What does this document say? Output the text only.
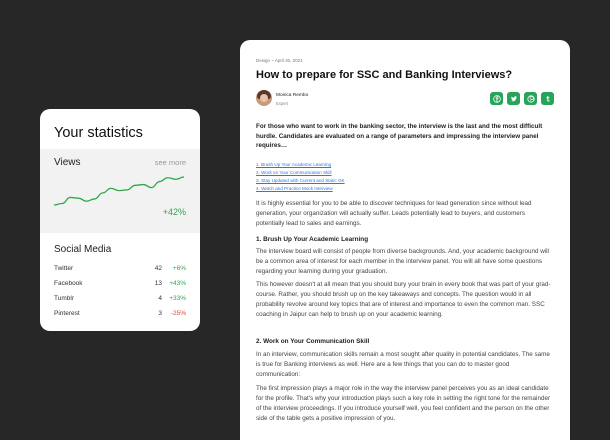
Your statistics
Views	see more
+42%
Social Media
Twitter	42	+6%
Facebook	13	+43%
Tumblr	4	+33%
Pinterest	3	-25%
Design ~ April 30, 2021
How to prepare for SSC and Banking Interviews?
Monica Rembo
Expert
For those who want to work in the banking sector, the interview is the last and the most difficult hurdle. Candidates are evaluated on a range of parameters and impressing the interview panel requires…
1. Brush Up Your Academic Learning
2. Work on Your Communication Skill
3. Stay Updated with Current and Static GK
4. Watch and Practice Mock Interview
It is highly essential for you to be able to discover techniques for lead generation since without lead generation, your organization will actually suffer. Leads potentially lead to buyers, and customers potentially lead to sales and earnings.
1. Brush Up Your Academic Learning
The interview board will consist of people from diverse backgrounds. And, your academic background will be a common area of interest for each member in the interview panel. You will all have some questions regarding your learning during your graduation.
This however doesn't at all mean that you should bury your brain in every book that was part of your grad-course. Rather, you should brush up on the key takeaways and concepts. The question would in all probability revolve around key topics that are of interest and importance to even the common man. SSC coaching in Jaipur can help to brush up on your academic learning.
2. Work on Your Communication Skill
In an interview, communication skills remain a most sought after quality in potential candidates. The same is true for Banking interviews as well. Here are a few things that you can do to master good communication:
The first impression plays a major role in the way the interview panel perceives you as an ideal candidate for the profile. That's why your introduction plays such a key role in setting the right tone for the remainder of the interview proceedings. If you introduce yourself well, you feel confident and the person on the other side of the table gets a positive impression of you.
